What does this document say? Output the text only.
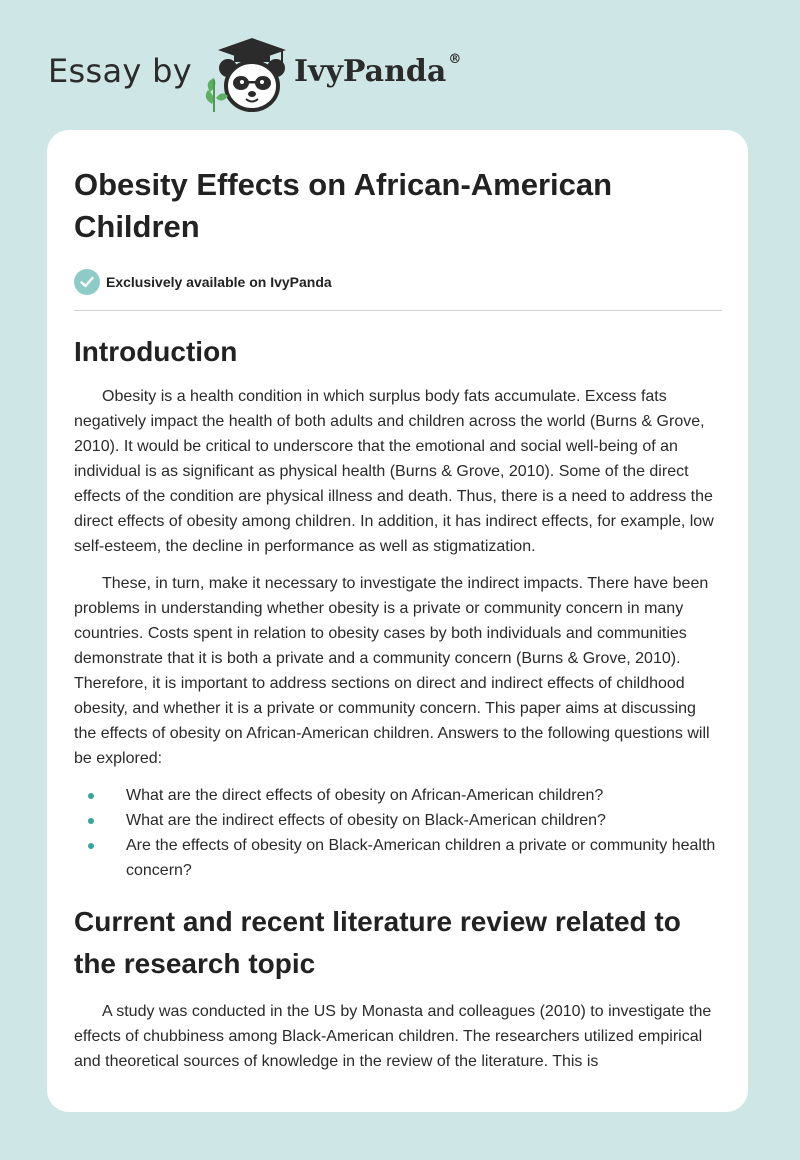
Essay by	IvyPanda ®
Obesity Effects on African-American Children
Exclusively available on IvyPanda
Introduction

Obesity is a health condition in which surplus body fats accumulate. Excess fats negatively impact the health of both adults and children across the world (Burns & Grove, 2010). It would be critical to underscore that the emotional and social well-being of an individual is as significant as physical health (Burns & Grove, 2010). Some of the direct effects of the condition are physical illness and death. Thus, there is a need to address the direct effects of obesity among children. In addition, it has indirect effects, for example, low self-esteem, the decline in performance as well as stigmatization.

These, in turn, make it necessary to investigate the indirect impacts. There have been problems in understanding whether obesity is a private or community concern in many countries. Costs spent in relation to obesity cases by both individuals and communities demonstrate that it is both a private and a community concern (Burns & Grove, 2010). Therefore, it is important to address sections on direct and indirect effects of childhood obesity, and whether it is a private or community concern. This paper aims at discussing the effects of obesity on African-American children. Answers to the following questions will be explored:

What are the direct effects of obesity on African-American children?
What are the indirect effects of obesity on Black-American children?
Are the effects of obesity on Black-American children a private or community health concern?
Current and recent literature review related to the research topic

A study was conducted in the US by Monasta and colleagues (2010) to investigate the effects of chubbiness among Black-American children. The researchers utilized empirical and theoretical sources of knowledge in the review of the literature. This is
